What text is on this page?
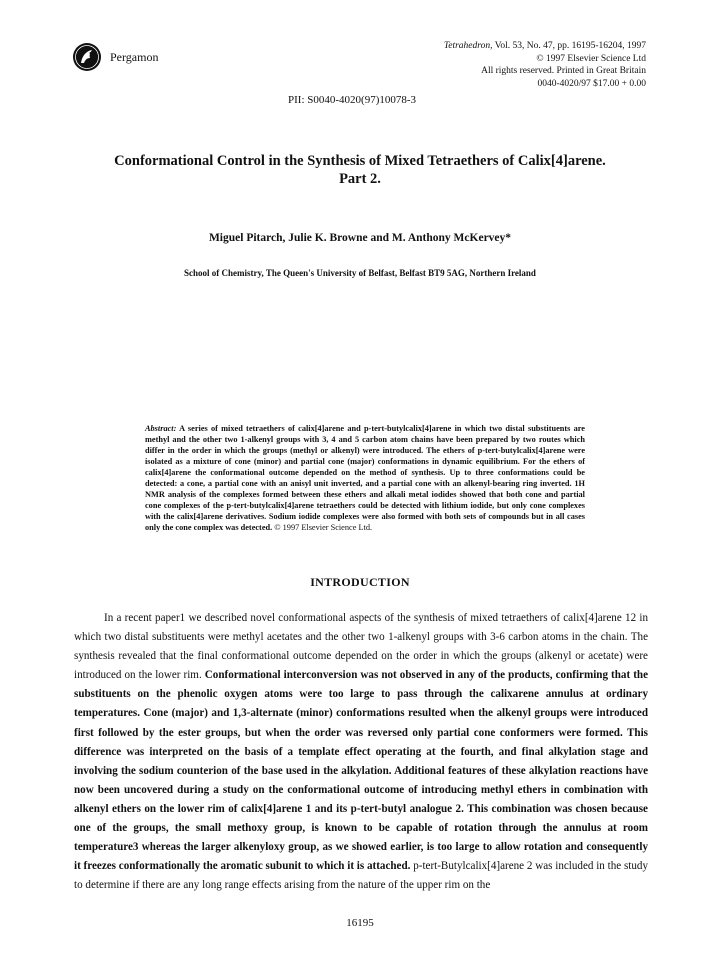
Pergamon
Tetrahedron, Vol. 53, No. 47, pp. 16195-16204, 1997
© 1997 Elsevier Science Ltd
All rights reserved. Printed in Great Britain
0040-4020/97 $17.00 + 0.00
PII: S0040-4020(97)10078-3
Conformational Control in the Synthesis of Mixed Tetraethers of Calix[4]arene.
Part 2.
Miguel Pitarch, Julie K. Browne and M. Anthony McKervey*
School of Chemistry, The Queen's University of Belfast, Belfast BT9 5AG, Northern Ireland
Abstract: A series of mixed tetraethers of calix[4]arene and p-tert-butylcalix[4]arene in which two distal substituents are methyl and the other two 1-alkenyl groups with 3, 4 and 5 carbon atom chains have been prepared by two routes which differ in the order in which the groups (methyl or alkenyl) were introduced. The ethers of p-tert-butylcalix[4]arene were isolated as a mixture of cone (minor) and partial cone (major) conformations in dynamic equilibrium. For the ethers of calix[4]arene the conformational outcome depended on the method of synthesis. Up to three conformations could be detected: a cone, a partial cone with an anisyl unit inverted, and a partial cone with an alkenyl-bearing ring inverted. 1H NMR analysis of the complexes formed between these ethers and alkali metal iodides showed that both cone and partial cone complexes of the p-tert-butylcalix[4]arene tetraethers could be detected with lithium iodide, but only cone complexes with the calix[4]arene derivatives. Sodium iodide complexes were also formed with both sets of compounds but in all cases only the cone complex was detected. © 1997 Elsevier Science Ltd.
INTRODUCTION

In a recent paper1 we described novel conformational aspects of the synthesis of mixed tetraethers of calix[4]arene 12 in which two distal substituents were methyl acetates and the other two 1-alkenyl groups with 3-6 carbon atoms in the chain. The synthesis revealed that the final conformational outcome depended on the order in which the groups (alkenyl or acetate) were introduced on the lower rim. Conformational interconversion was not observed in any of the products, confirming that the substituents on the phenolic oxygen atoms were too large to pass through the calixarene annulus at ordinary temperatures. Cone (major) and 1,3-alternate (minor) conformations resulted when the alkenyl groups were introduced first followed by the ester groups, but when the order was reversed only partial cone conformers were formed. This difference was interpreted on the basis of a template effect operating at the fourth, and final alkylation stage and involving the sodium counterion of the base used in the alkylation. Additional features of these alkylation reactions have now been uncovered during a study on the conformational outcome of introducing methyl ethers in combination with alkenyl ethers on the lower rim of calix[4]arene 1 and its p-tert-butyl analogue 2. This combination was chosen because one of the groups, the small methoxy group, is known to be capable of rotation through the annulus at room temperature3 whereas the larger alkenyloxy group, as we showed earlier, is too large to allow rotation and consequently it freezes conformationally the aromatic subunit to which it is attached. p-tert-Butylcalix[4]arene 2 was included in the study to determine if there are any long range effects arising from the nature of the upper rim on the

16195
